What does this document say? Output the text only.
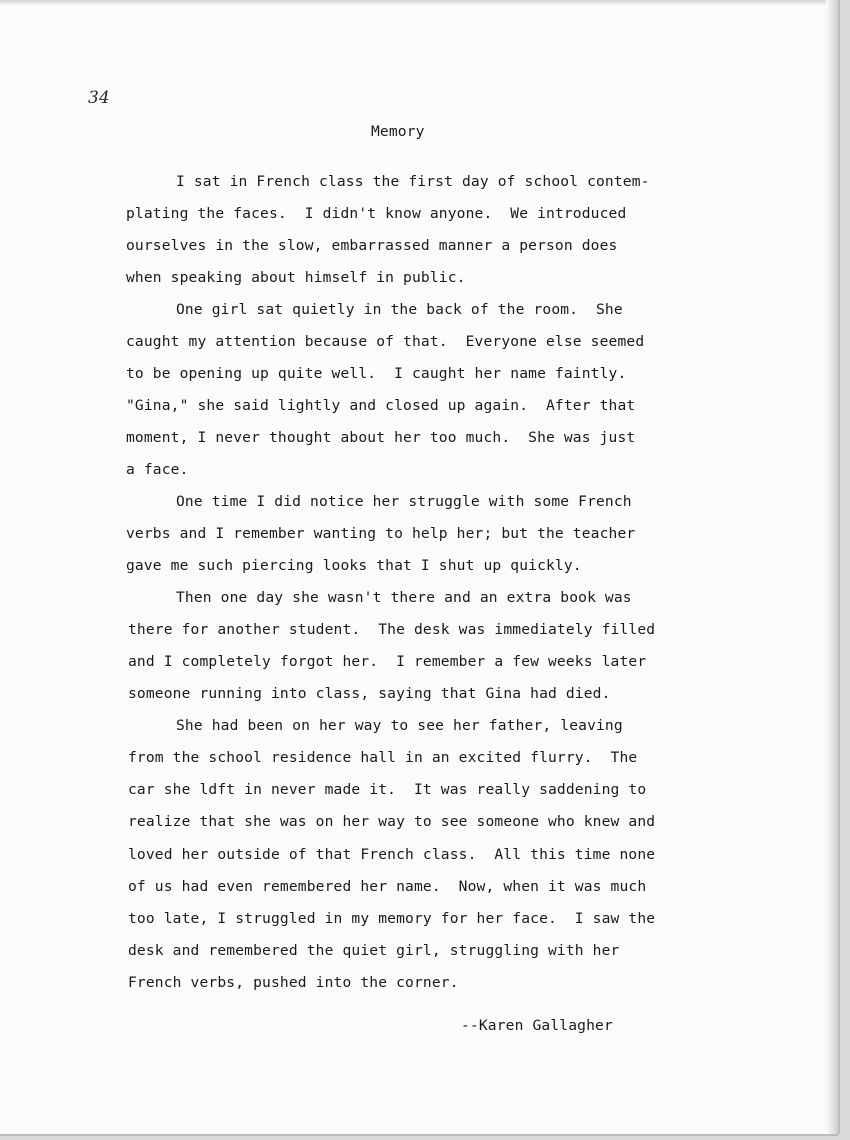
34
Memory
I sat in French class the first day of school contem-
plating the faces.  I didn't know anyone.  We introduced
ourselves in the slow, embarrassed manner a person does
when speaking about himself in public.
One girl sat quietly in the back of the room.  She
caught my attention because of that.  Everyone else seemed
to be opening up quite well.  I caught her name faintly.
"Gina," she said lightly and closed up again.  After that
moment, I never thought about her too much.  She was just
a face.
One time I did notice her struggle with some French
verbs and I remember wanting to help her; but the teacher
gave me such piercing looks that I shut up quickly.
Then one day she wasn't there and an extra book was
there for another student.  The desk was immediately filled
and I completely forgot her.  I remember a few weeks later
someone running into class, saying that Gina had died.
She had been on her way to see her father, leaving
from the school residence hall in an excited flurry.  The
car she ldft in never made it.  It was really saddening to
realize that she was on her way to see someone who knew and
loved her outside of that French class.  All this time none
of us had even remembered her name.  Now, when it was much
too late, I struggled in my memory for her face.  I saw the
desk and remembered the quiet girl, struggling with her
French verbs, pushed into the corner.
--Karen Gallagher
